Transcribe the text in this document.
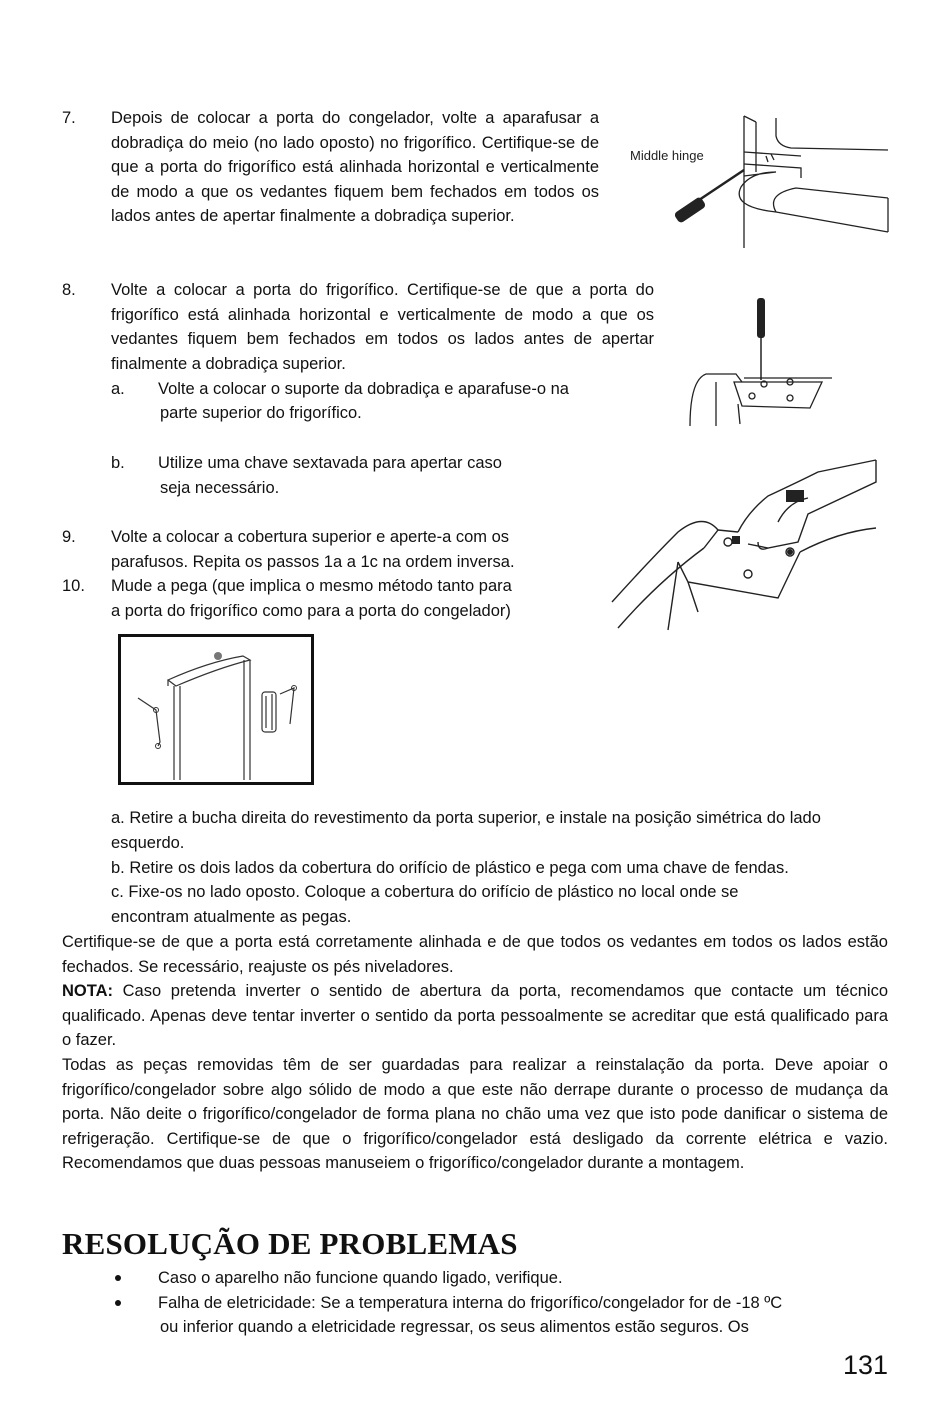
7. Depois de colocar a porta do congelador, volte a aparafusar a dobradiça do meio (no lado oposto) no frigorífico. Certifique-se de que a porta do frigorífico está alinhada horizontal e verticalmente de modo a que os vedantes fiquem bem fechados em todos os lados antes de apertar finalmente a dobradiça superior.
Middle hinge
8. Volte a colocar a porta do frigorífico. Certifique-se de que a porta do frigorífico está alinhada horizontal e verticalmente de modo a que os vedantes fiquem bem fechados em todos os lados antes de apertar finalmente a dobradiça superior.
a. Volte a colocar o suporte da dobradiça e aparafuse-o na
parte superior do frigorífico.
b. Utilize uma chave sextavada para apertar caso
seja necessário.
9. Volte a colocar a cobertura superior e aperte-a com os
parafusos. Repita os passos 1a a 1c na ordem inversa.
10. Mude a pega (que implica o mesmo método tanto para
a porta do frigorífico como para a porta do congelador)
a. Retire a bucha direita do revestimento da porta superior, e instale na posição simétrica do lado esquerdo.
b. Retire os dois lados da cobertura do orifício de plástico e pega com uma chave de fendas.
c. Fixe-os no lado oposto. Coloque a cobertura do orifício de plástico no local onde se encontram atualmente as pegas.
Certifique-se de que a porta está corretamente alinhada e de que todos os vedantes em todos os lados estão fechados. Se recessário, reajuste os pés niveladores.
NOTA: Caso pretenda inverter o sentido de abertura da porta, recomendamos que contacte um técnico qualificado. Apenas deve tentar inverter o sentido da porta pessoalmente se acreditar que está qualificado para o fazer.
Todas as peças removidas têm de ser guardadas para realizar a reinstalação da porta. Deve apoiar o frigorífico/congelador sobre algo sólido de modo a que este não derrape durante o processo de mudança da porta. Não deite o frigorífico/congelador de forma plana no chão uma vez que isto pode danificar o sistema de refrigeração. Certifique-se de que o frigorífico/congelador está desligado da corrente elétrica e vazio. Recomendamos que duas pessoas manuseiem o frigorífico/congelador durante a montagem.
RESOLUÇÃO DE PROBLEMAS
Caso o aparelho não funcione quando ligado, verifique.
Falha de eletricidade: Se a temperatura interna do frigorífico/congelador for de -18 ºC
ou inferior quando a eletricidade regressar, os seus alimentos estão seguros. Os
131
